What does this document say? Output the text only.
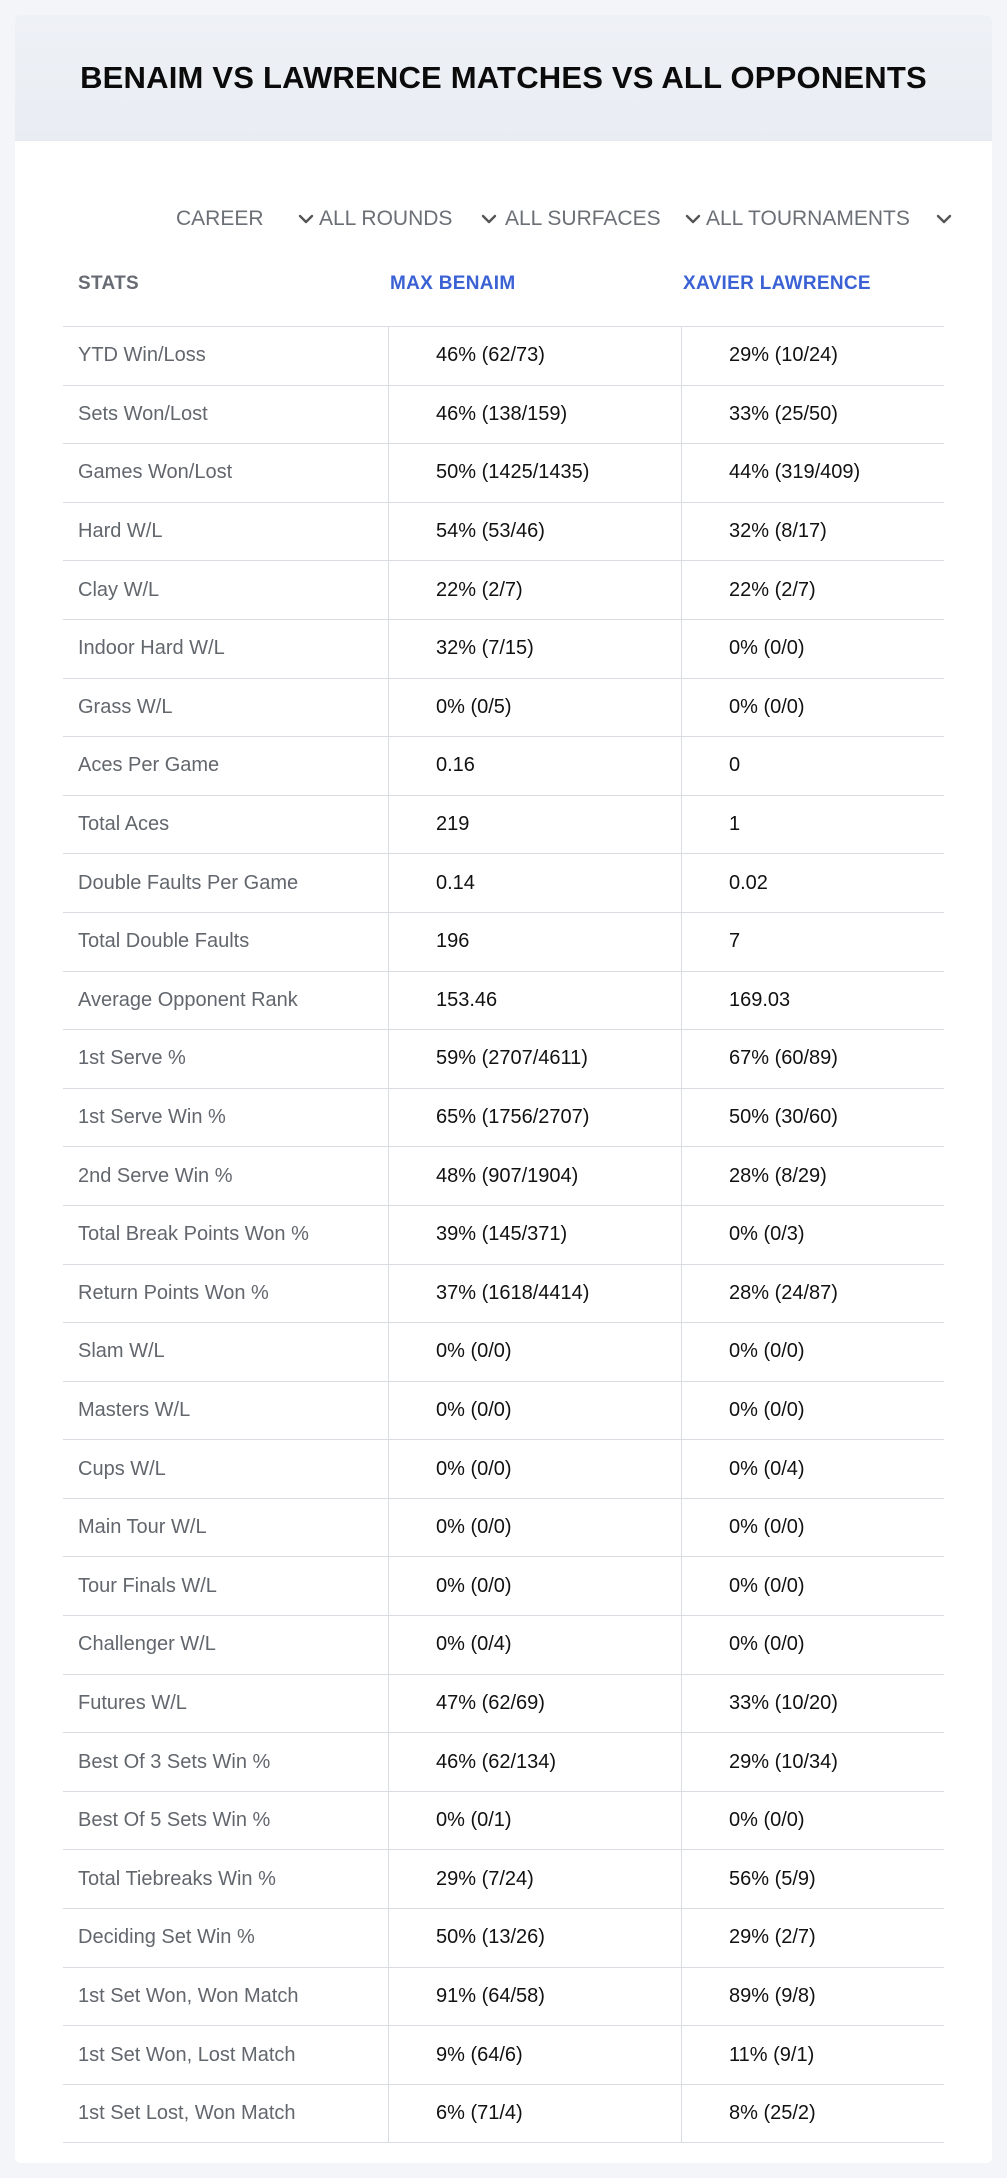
BENAIM VS LAWRENCE MATCHES VS ALL OPPONENTS
CAREER	ALL ROUNDS	ALL SURFACES ALL TOURNAMENTS
STATS	MAX BENAIM	XAVIER LAWRENCE
YTD Win/Loss	46% (62/73)	29% (10/24)
Sets Won/Lost	46% (138/159)	33% (25/50)
Games Won/Lost	50% (1425/1435)	44% (319/409)
Hard W/L	54% (53/46)	32% (8/17)
Clay W/L	22% (2/7)	22% (2/7)
Indoor Hard W/L	32% (7/15)	0% (0/0)
Grass W/L	0% (0/5)	0% (0/0)
Aces Per Game	0.16	0
Total Aces	219	1
Double Faults Per Game	0.14	0.02
Total Double Faults	196	7
Average Opponent Rank	153.46	169.03
1st Serve %	59% (2707/4611)	67% (60/89)
1st Serve Win %	65% (1756/2707)	50% (30/60)
2nd Serve Win %	48% (907/1904)	28% (8/29)
Total Break Points Won %	39% (145/371)	0% (0/3)
Return Points Won %	37% (1618/4414)	28% (24/87)
Slam W/L	0% (0/0)	0% (0/0)
Masters W/L	0% (0/0)	0% (0/0)
Cups W/L	0% (0/0)	0% (0/4)
Main Tour W/L	0% (0/0)	0% (0/0)
Tour Finals W/L	0% (0/0)	0% (0/0)
Challenger W/L	0% (0/4)	0% (0/0)
Futures W/L	47% (62/69)	33% (10/20)
Best Of 3 Sets Win %	46% (62/134)	29% (10/34)
Best Of 5 Sets Win %	0% (0/1)	0% (0/0)
Total Tiebreaks Win %	29% (7/24)	56% (5/9)
Deciding Set Win %	50% (13/26)	29% (2/7)
1st Set Won, Won Match	91% (64/58)	89% (9/8)
1st Set Won, Lost Match	9% (64/6)	11% (9/1)
1st Set Lost, Won Match	6% (71/4)	8% (25/2)
